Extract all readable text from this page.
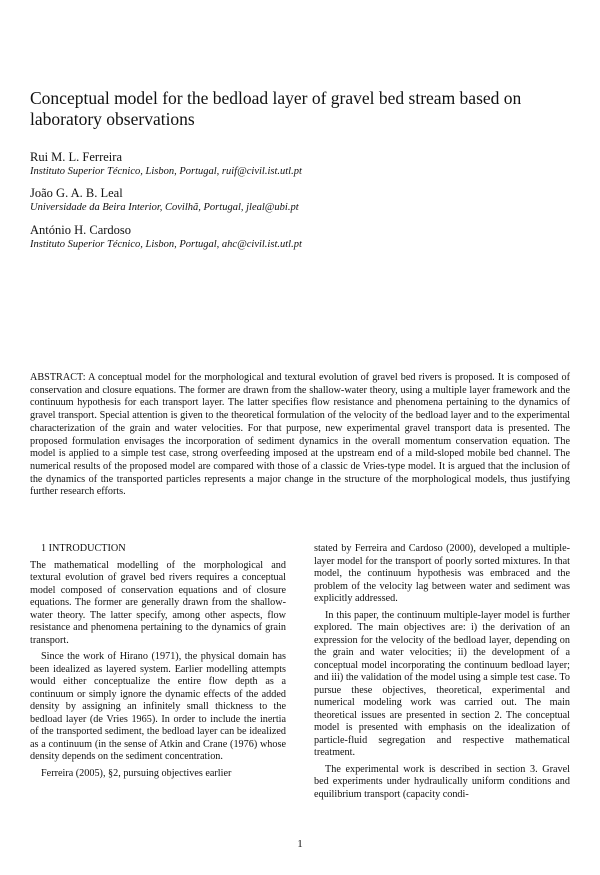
Conceptual model for the bedload layer of gravel bed stream based on laboratory observations
Rui M. L. Ferreira
Instituto Superior Técnico, Lisbon, Portugal, ruif@civil.ist.utl.pt
João G. A. B. Leal
Universidade da Beira Interior, Covilhã, Portugal, jleal@ubi.pt
António H. Cardoso
Instituto Superior Técnico, Lisbon, Portugal, ahc@civil.ist.utl.pt

ABSTRACT: A conceptual model for the morphological and textural evolution of gravel bed rivers is proposed. It is composed of conservation and closure equations. The former are drawn from the shallow-water theory, using a multiple layer framework and the continuum hypothesis for each transport layer. The latter specifies flow resistance and phenomena pertaining to the dynamics of gravel transport. Special attention is given to the theoretical formulation of the velocity of the bedload layer and to the experimental characterization of the grain and water velocities. For that purpose, new experimental gravel transport data is presented. The proposed formulation envisages the incorporation of sediment dynamics in the overall momentum conservation equation. The model is applied to a simple test case, strong overfeeding imposed at the upstream end of a mild-sloped mobile bed channel. The numerical results of the proposed model are compared with those of a classic de Vries-type model. It is argued that the inclusion of the dynamics of the transported particles represents a major change in the structure of the morphological models, thus justifying further research efforts.

1 INTRODUCTION

The mathematical modelling of the morphological and textural evolution of gravel bed rivers requires a conceptual model composed of conservation equations and of closure equations. The former are generally drawn from the shallow-water theory. The latter specify, among other aspects, flow resistance and phenomena pertaining to the dynamics of grain transport.

Since the work of Hirano (1971), the physical domain has been idealized as layered system. Earlier modelling attempts would either conceptualize the entire flow depth as a continuum or simply ignore the dynamic effects of the added density by assigning an infinitely small thickness to the bedload layer (de Vries 1965). In order to include the inertia of the transported sediment, the bedload layer can be idealized as a continuum (in the sense of Atkin and Crane (1976) whose density depends on the sediment concentration.

Ferreira (2005), §2, pursuing objectives earlier

stated by Ferreira and Cardoso (2000), developed a multiple-layer model for the transport of poorly sorted mixtures. In that model, the continuum hypothesis was embraced and the problem of the velocity lag between water and sediment was explicitly addressed.

In this paper, the continuum multiple-layer model is further explored. The main objectives are: i) the derivation of an expression for the velocity of the bedload layer, depending on the grain and water velocities; ii) the development of a conceptual model incorporating the continuum bedload layer; and iii) the validation of the model using a simple test case. To pursue these objectives, theoretical, experimental and numerical modeling work was carried out. The main theoretical issues are presented in section 2. The conceptual model is presented with emphasis on the idealization of particle-fluid segregation and respective mathematical treatment.

The experimental work is described in section 3. Gravel bed experiments under hydraulically uniform conditions and equilibrium transport (capacity condi-

1
